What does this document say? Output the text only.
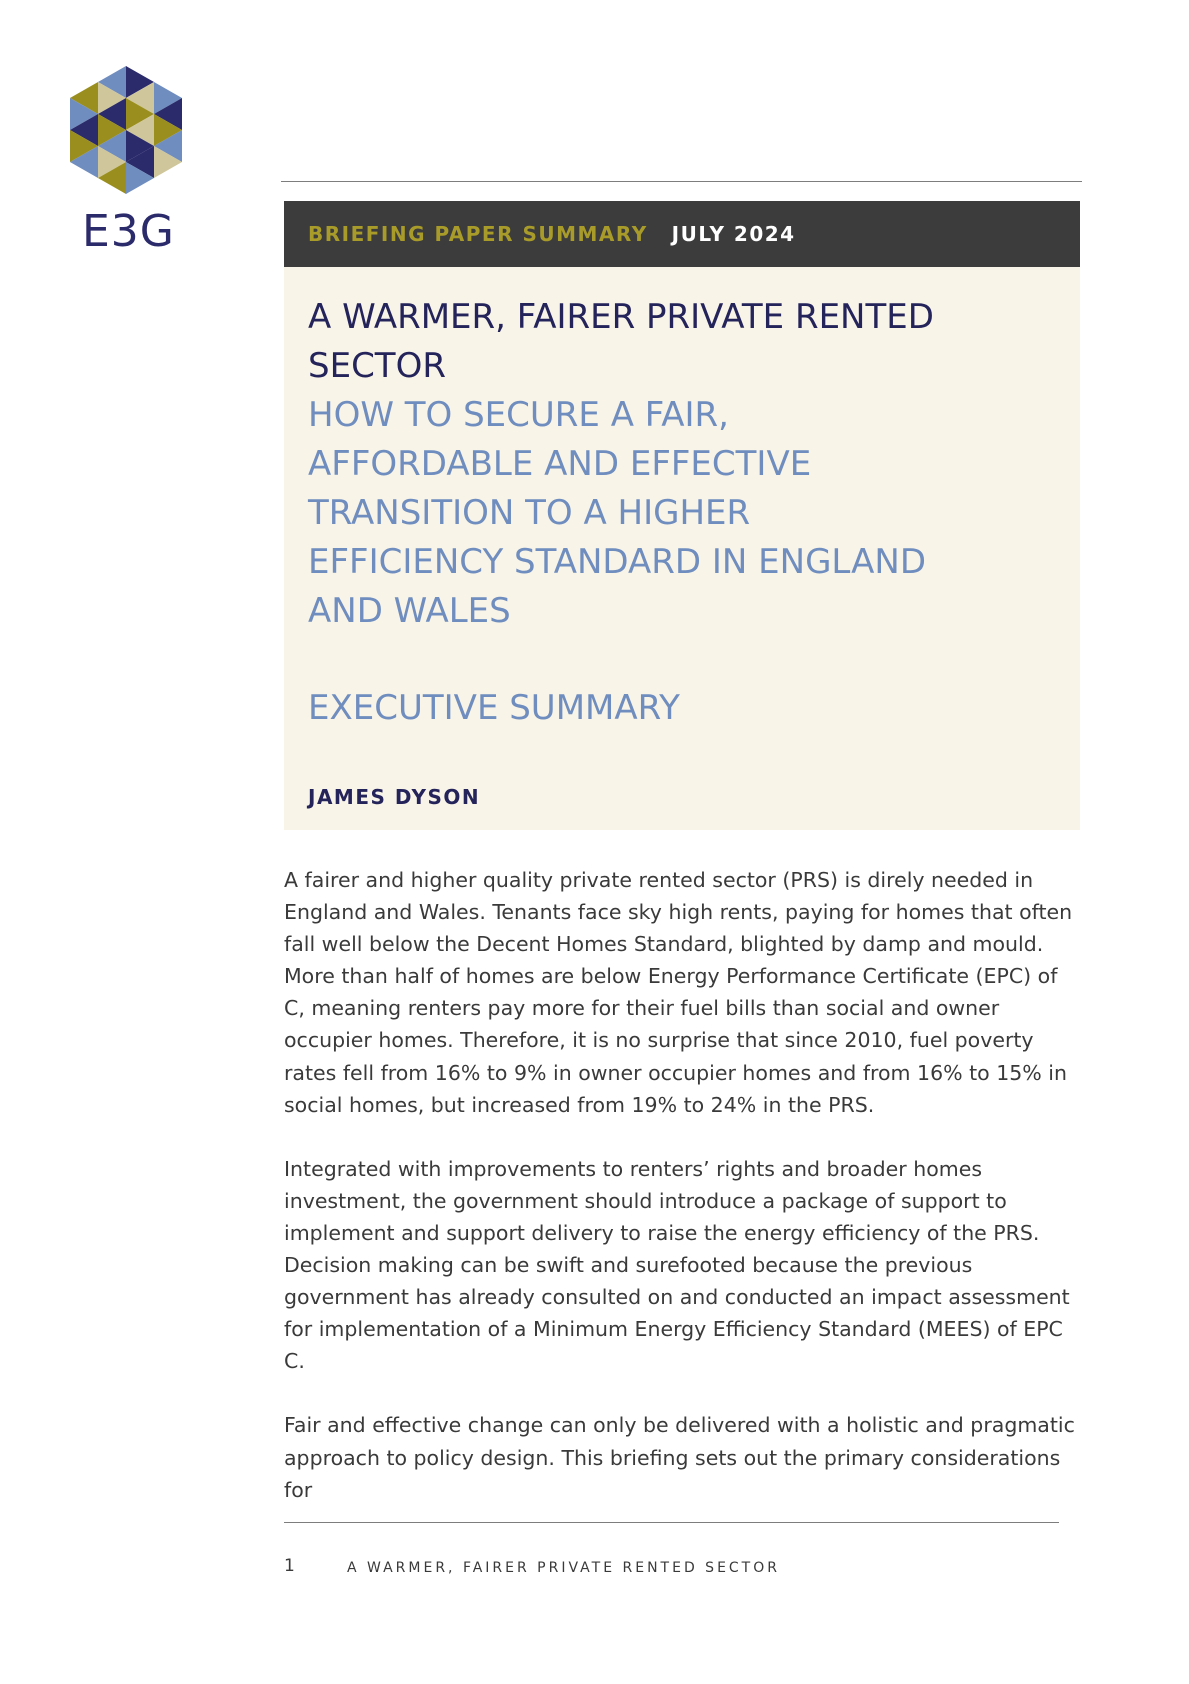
E3G	BRIEFING PAPER SUMMARY JULY 2024
A WARMER, FAIRER PRIVATE RENTED SECTOR
HOW TO SECURE A FAIR, AFFORDABLE AND EFFECTIVE TRANSITION TO A HIGHER EFFICIENCY STANDARD IN ENGLAND AND WALES
EXECUTIVE SUMMARY
JAMES DYSON

A fairer and higher quality private rented sector (PRS) is direly needed in England and Wales. Tenants face sky high rents, paying for homes that often fall well below the Decent Homes Standard, blighted by damp and mould. More than half of homes are below Energy Performance Certificate (EPC) of C, meaning renters pay more for their fuel bills than social and owner occupier homes. Therefore, it is no surprise that since 2010, fuel poverty rates fell from 16% to 9% in owner occupier homes and from 16% to 15% in social homes, but increased from 19% to 24% in the PRS.

Integrated with improvements to renters’ rights and broader homes investment, the government should introduce a package of support to implement and support delivery to raise the energy efficiency of the PRS. Decision making can be swift and surefooted because the previous government has already consulted on and conducted an impact assessment for implementation of a Minimum Energy Efficiency Standard (MEES) of EPC C.

Fair and effective change can only be delivered with a holistic and pragmatic approach to policy design. This briefing sets out the primary considerations for

1	A WARMER, FAIRER PRIVATE RENTED SECTOR
